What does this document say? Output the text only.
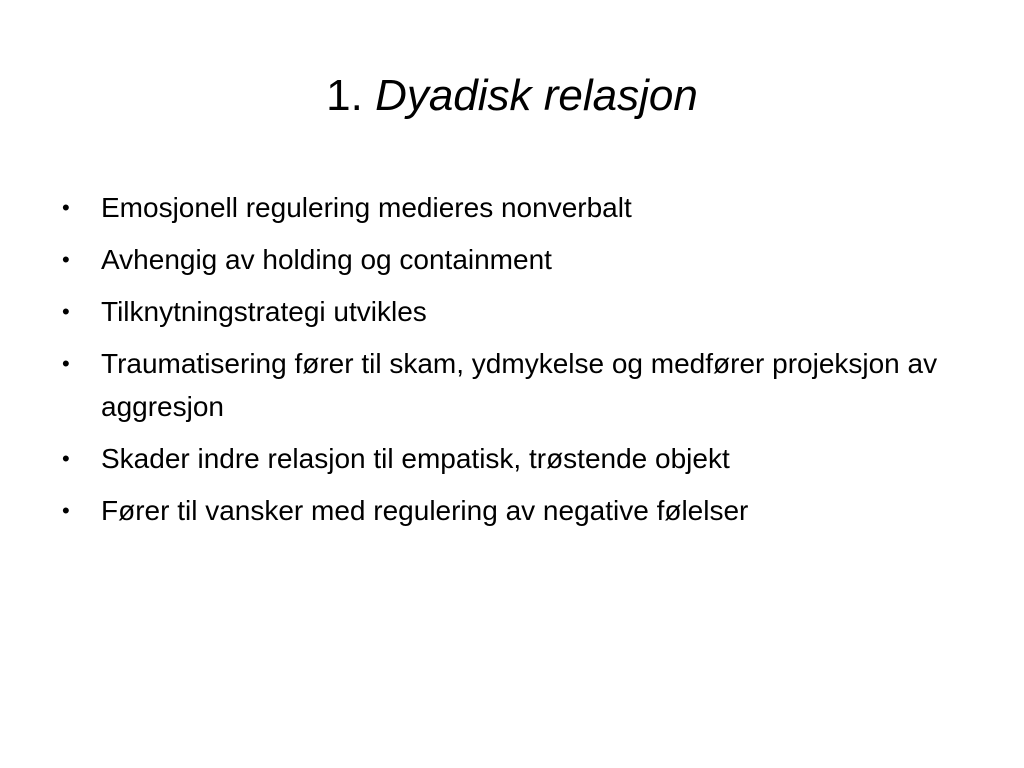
1. Dyadisk relasjon
• Emosjonell regulering medieres nonverbalt
• Avhengig av holding og containment
• Tilknytningstrategi utvikles
• Traumatisering fører til skam, ydmykelse og medfører projeksjon av aggresjon
• Skader indre relasjon til empatisk, trøstende objekt
• Fører til vansker med regulering av negative følelser
